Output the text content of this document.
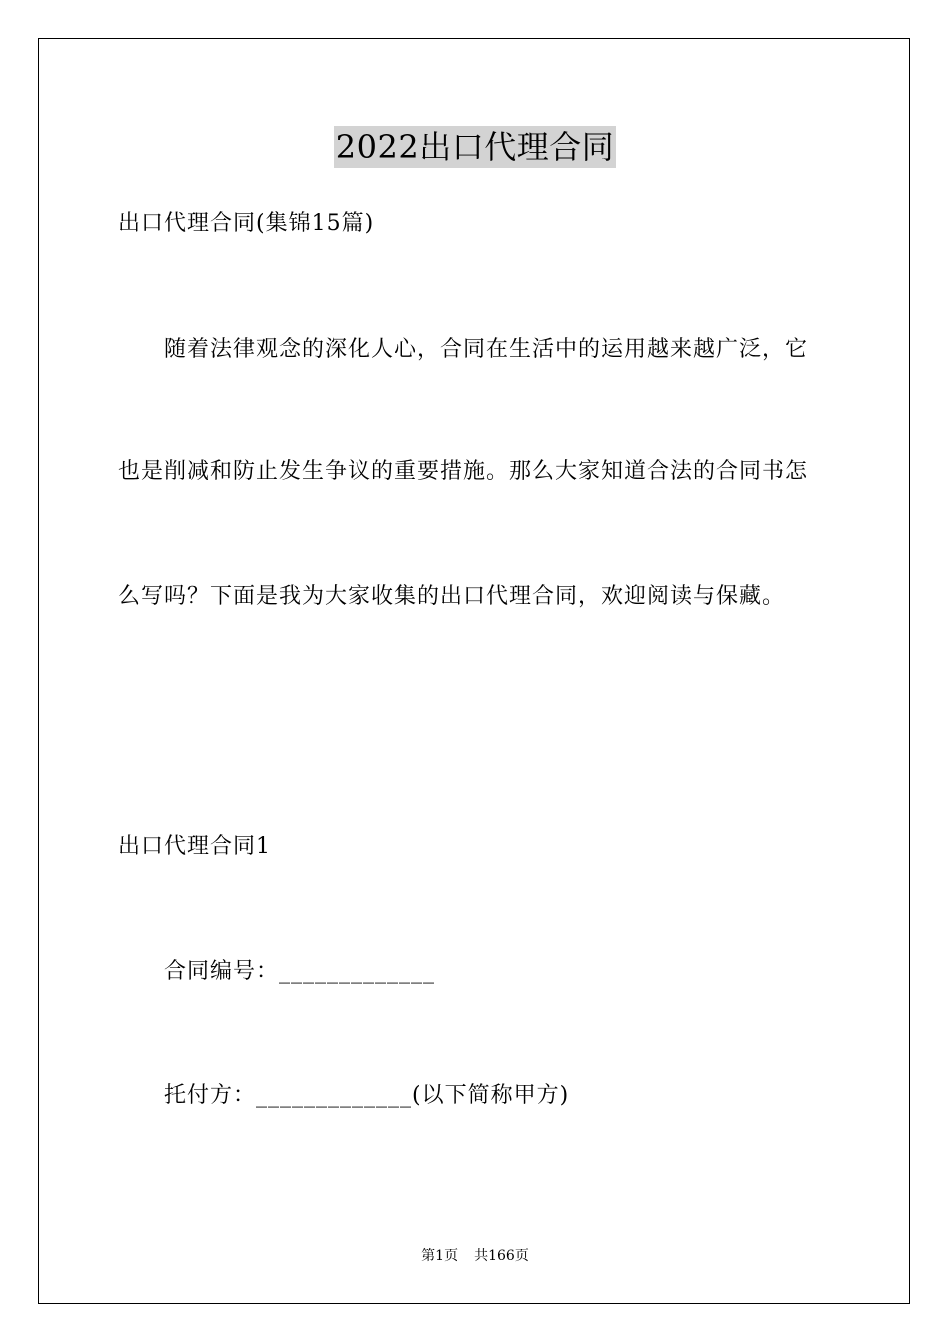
2022出口代理合同
出口代理合同(集锦15篇)
随着法律观念的深化人心，合同在生活中的运用越来越广泛，它
也是削减和防止发生争议的重要措施。那么大家知道合法的合同书怎
么写吗？下面是我为大家收集的出口代理合同，欢迎阅读与保藏。
出口代理合同1
合同编号：_____________
托付方：_____________(以下简称甲方)
第1页 共166页
